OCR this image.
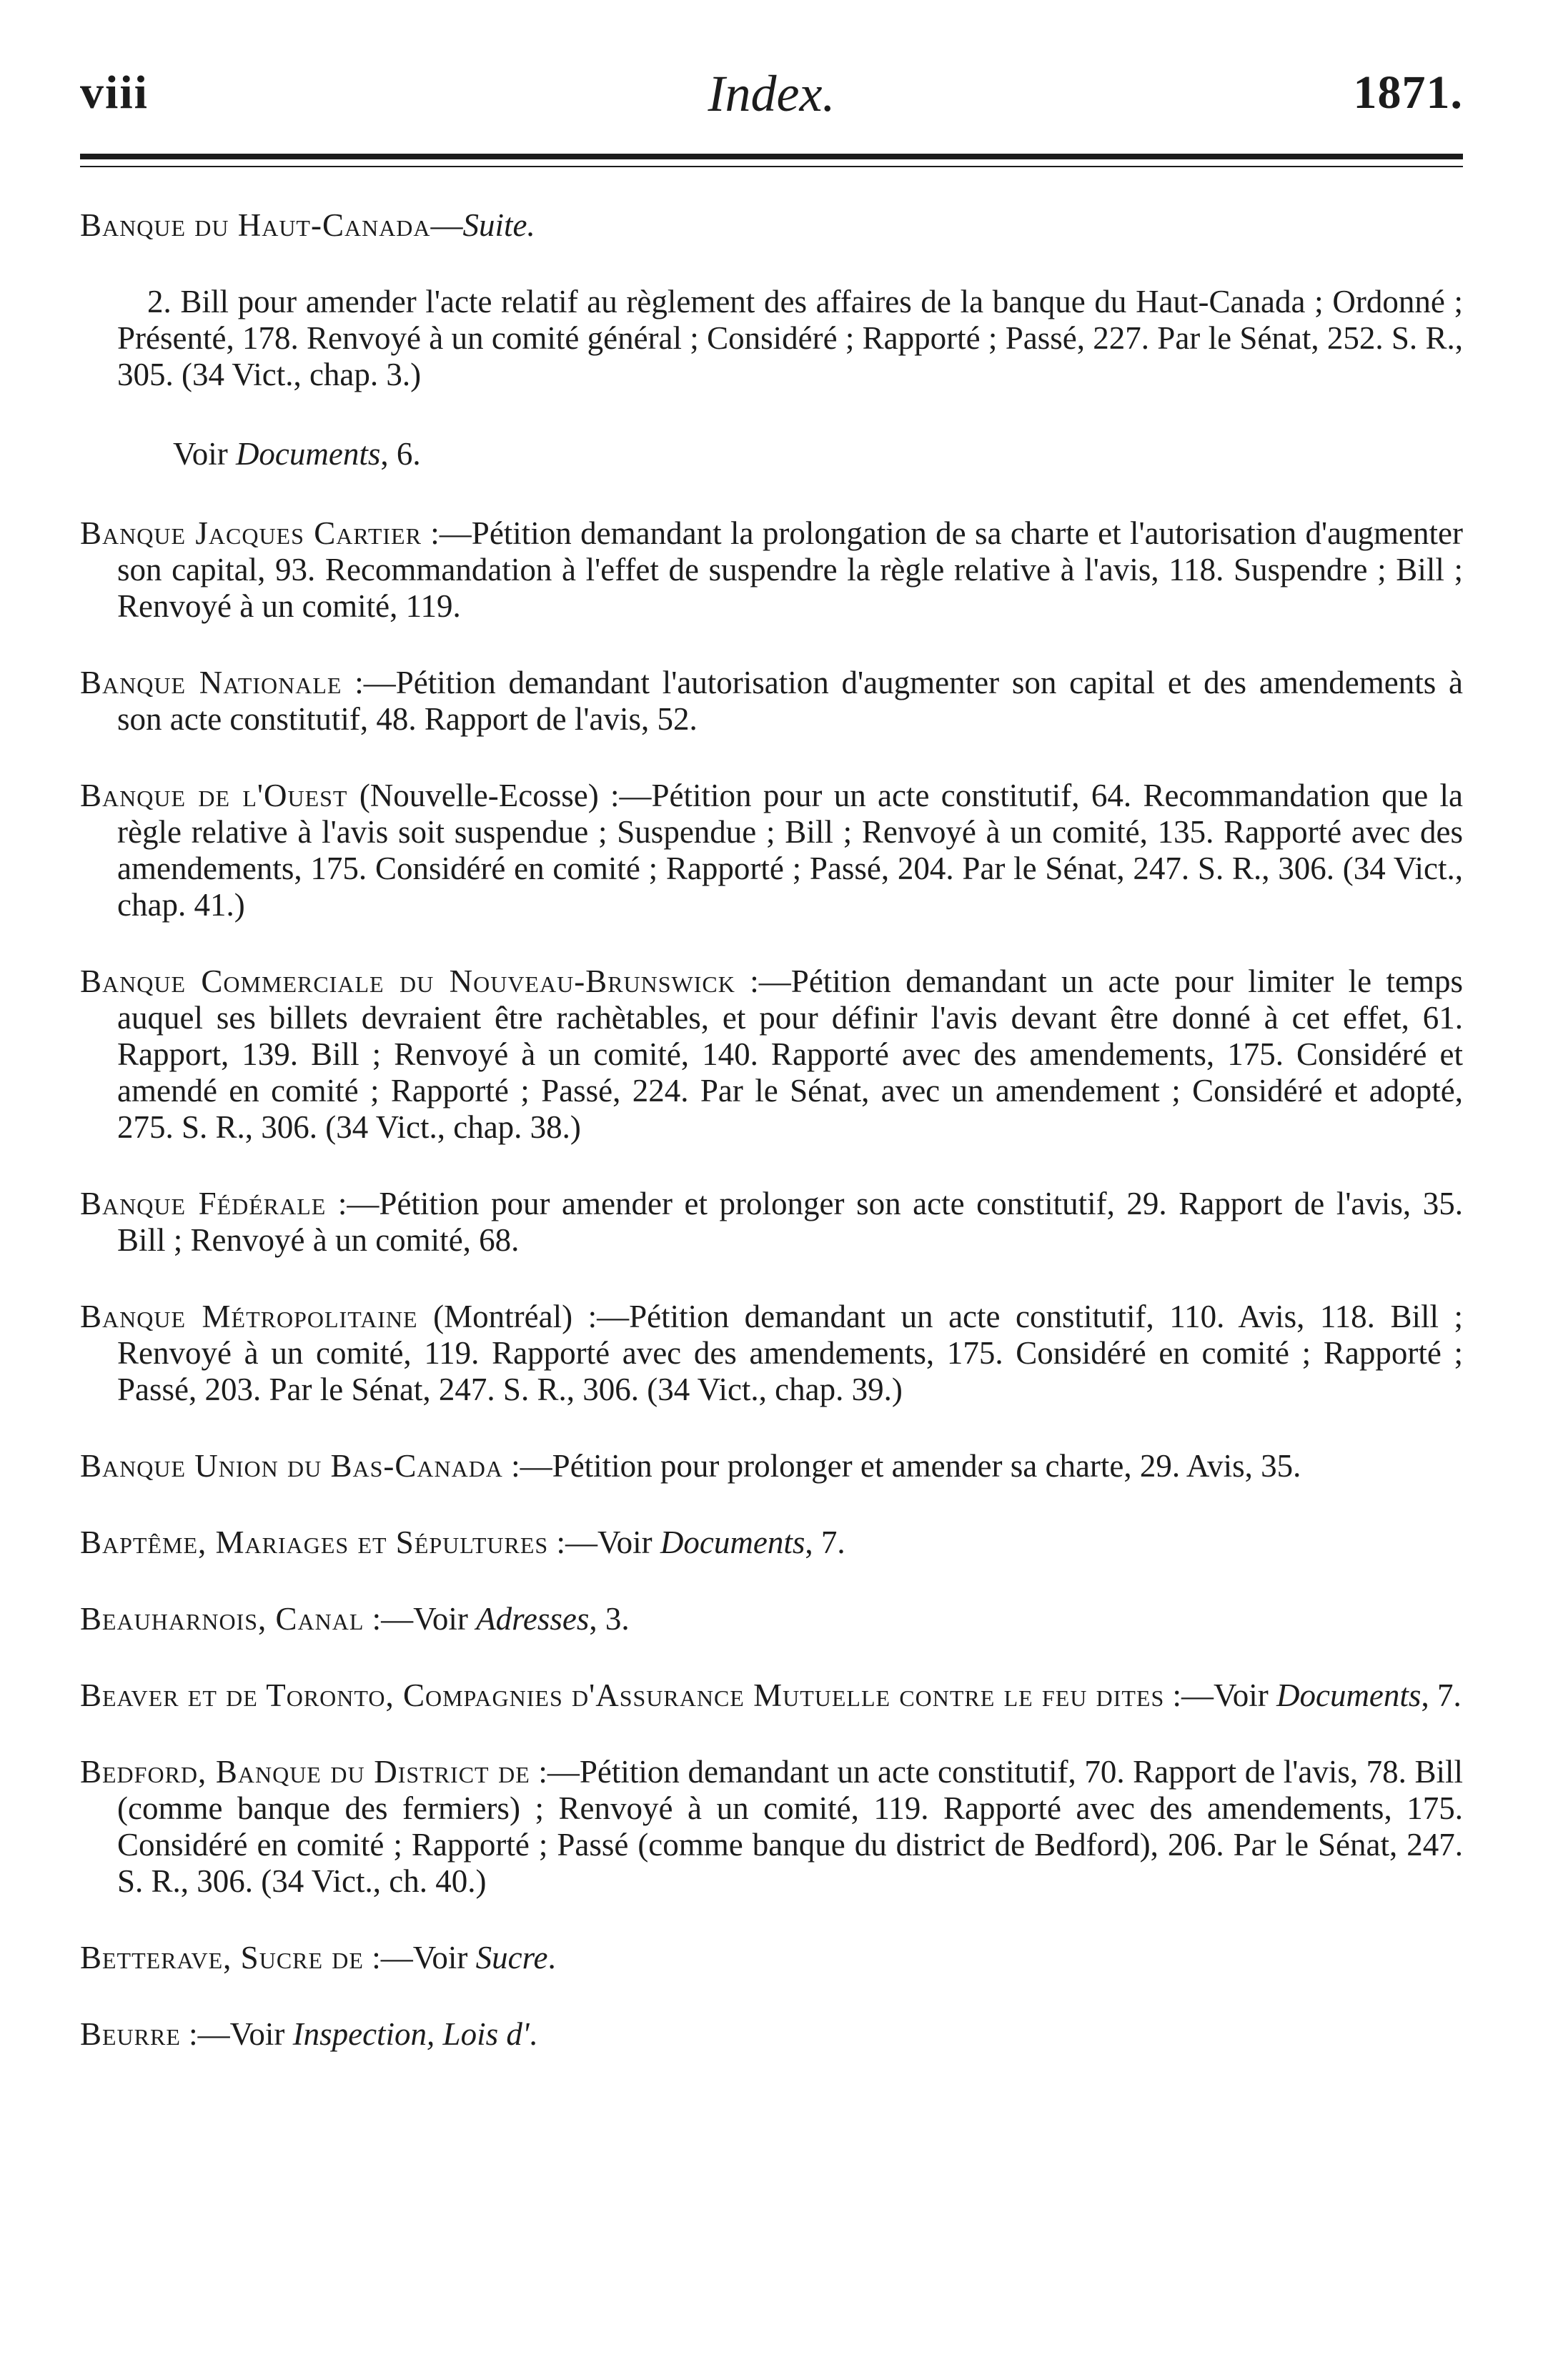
viii	Index.	1871.

Banque du Haut-Canada—Suite.

2. Bill pour amender l'acte relatif au règlement des affaires de la banque du Haut-Canada ; Ordonné ; Présenté, 178. Renvoyé à un comité général ; Considéré ; Rapporté ; Passé, 227. Par le Sénat, 252. S. R., 305. (34 Vict., chap. 3.)

Voir Documents, 6.

Banque Jacques Cartier :—Pétition demandant la prolongation de sa charte et l'autorisation d'augmenter son capital, 93. Recommandation à l'effet de suspendre la règle relative à l'avis, 118. Suspendre ; Bill ; Renvoyé à un comité, 119.

Banque Nationale :—Pétition demandant l'autorisation d'augmenter son capital et des amendements à son acte constitutif, 48. Rapport de l'avis, 52.

Banque de l'Ouest (Nouvelle-Ecosse) :—Pétition pour un acte constitutif, 64. Recommandation que la règle relative à l'avis soit suspendue ; Suspendue ; Bill ; Renvoyé à un comité, 135. Rapporté avec des amendements, 175. Considéré en comité ; Rapporté ; Passé, 204. Par le Sénat, 247. S. R., 306. (34 Vict., chap. 41.)

Banque Commerciale du Nouveau-Brunswick :—Pétition demandant un acte pour limiter le temps auquel ses billets devraient être rachètables, et pour définir l'avis devant être donné à cet effet, 61. Rapport, 139. Bill ; Renvoyé à un comité, 140. Rapporté avec des amendements, 175. Considéré et amendé en comité ; Rapporté ; Passé, 224. Par le Sénat, avec un amendement ; Considéré et adopté, 275. S. R., 306. (34 Vict., chap. 38.)

Banque Fédérale :—Pétition pour amender et prolonger son acte constitutif, 29. Rapport de l'avis, 35. Bill ; Renvoyé à un comité, 68.

Banque Métropolitaine (Montréal) :—Pétition demandant un acte constitutif, 110. Avis, 118. Bill ; Renvoyé à un comité, 119. Rapporté avec des amendements, 175. Considéré en comité ; Rapporté ; Passé, 203. Par le Sénat, 247. S. R., 306. (34 Vict., chap. 39.)

Banque Union du Bas-Canada :—Pétition pour prolonger et amender sa charte, 29. Avis, 35.

Baptême, Mariages et Sépultures :—Voir Documents, 7.

Beauharnois, Canal :—Voir Adresses, 3.

Beaver et de Toronto, Compagnies d'Assurance Mutuelle contre le feu dites :—Voir Documents, 7.

Bedford, Banque du District de :—Pétition demandant un acte constitutif, 70. Rapport de l'avis, 78. Bill (comme banque des fermiers) ; Renvoyé à un comité, 119. Rapporté avec des amendements, 175. Considéré en comité ; Rapporté ; Passé (comme banque du district de Bedford), 206. Par le Sénat, 247. S. R., 306. (34 Vict., ch. 40.)

Betterave, Sucre de :—Voir Sucre.

Beurre :—Voir Inspection, Lois d'.
